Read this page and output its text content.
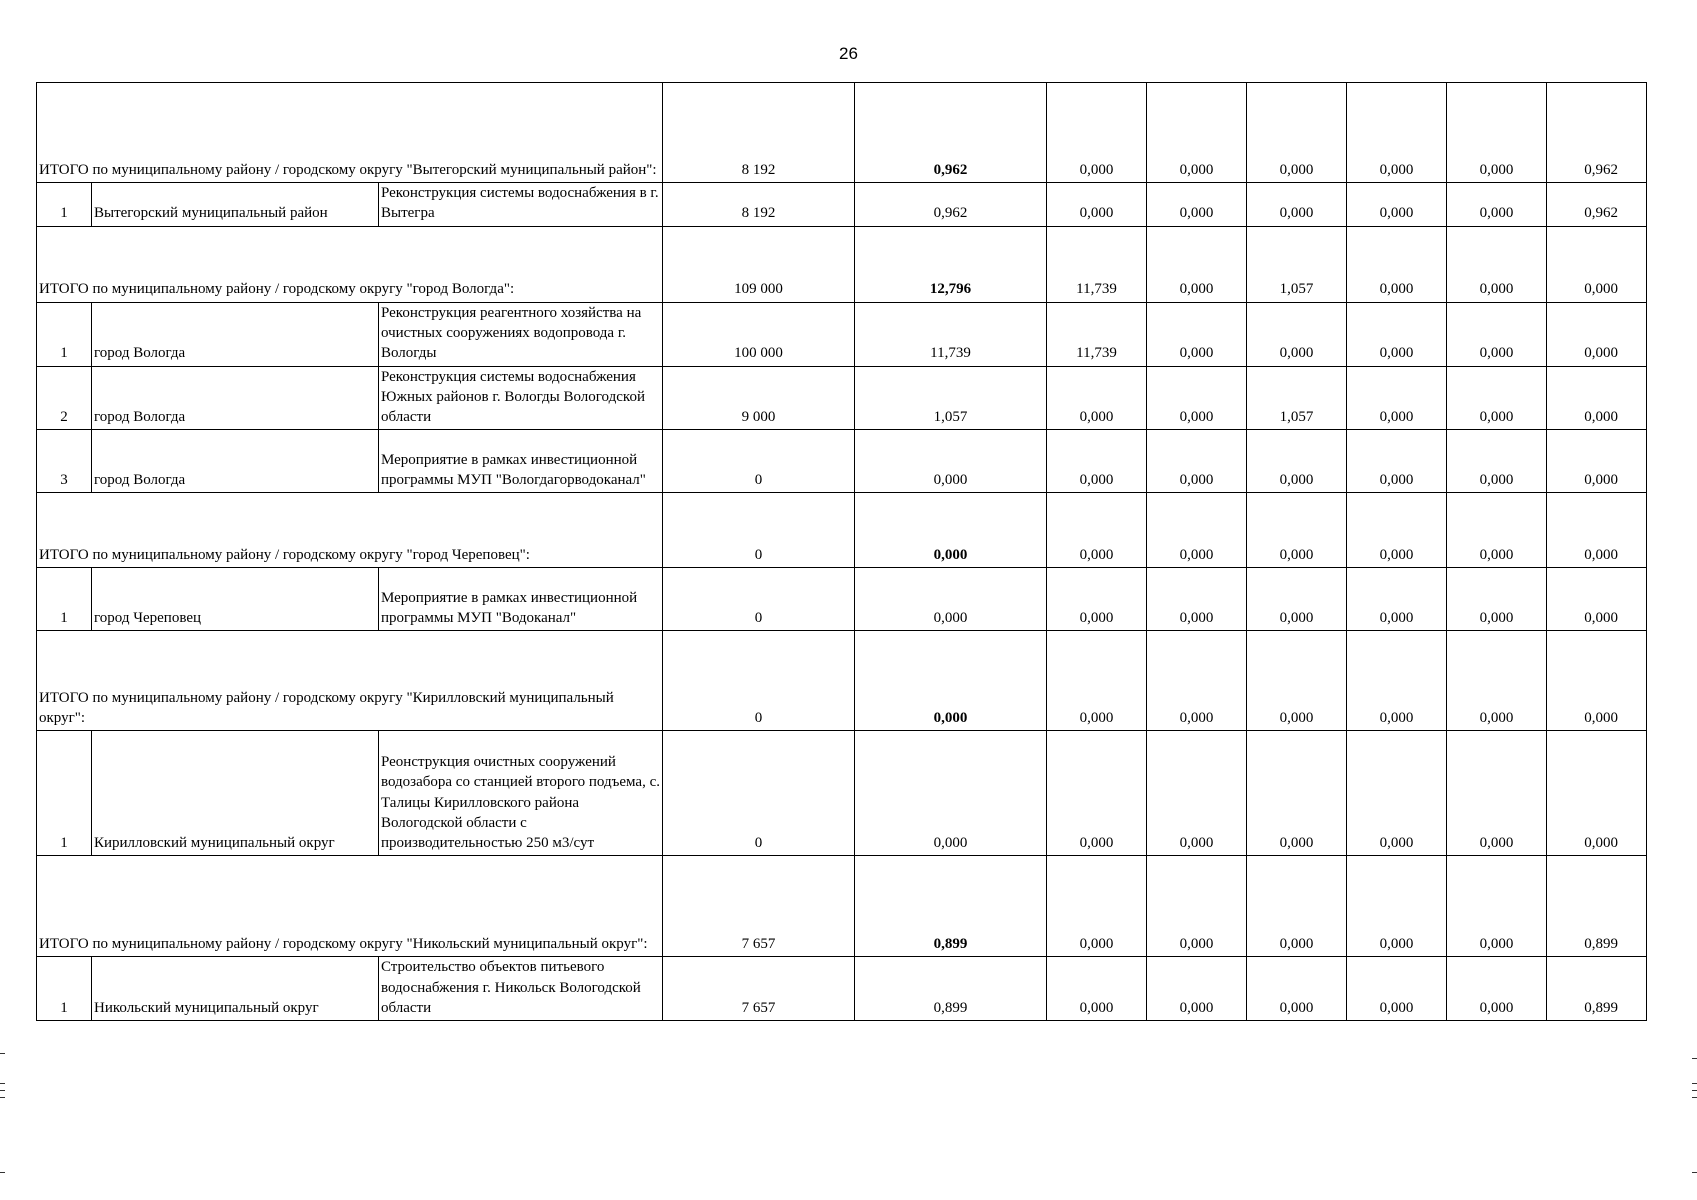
26
ИТОГО по муниципальному району / городскому округу "Вытегорский муниципальный район":			8 192	0,962	0,000	0,000	0,000	0,000	0,000	0,962
1	Вытегорский муниципальный район	Реконструкция системы водоснабжения в г. Вытегра	8 192	0,962	0,000	0,000	0,000	0,000	0,000	0,962
ИТОГО по муниципальному району / городскому округу "город Вологда":			109 000	12,796	11,739	0,000	1,057	0,000	0,000	0,000
1	город Вологда	Реконструкция реагентного хозяйства на очистных сооружениях водопровода г. Вологды	100 000	11,739	11,739	0,000	0,000	0,000	0,000	0,000
2	город Вологда	Реконструкция системы водоснабжения Южных районов г. Вологды Вологодской области	9 000	1,057	0,000	0,000	1,057	0,000	0,000	0,000
3	город Вологда	Мероприятие в рамках инвестиционной программы МУП "Вологдагорводоканал"	0	0,000	0,000	0,000	0,000	0,000	0,000	0,000
ИТОГО по муниципальному району / городскому округу "город Череповец":			0	0,000	0,000	0,000	0,000	0,000	0,000	0,000
1	город Череповец	Мероприятие в рамках инвестиционной программы МУП "Водоканал"	0	0,000	0,000	0,000	0,000	0,000	0,000	0,000
ИТОГО по муниципальному району / городскому округу "Кирилловский муниципальный округ":			0	0,000	0,000	0,000	0,000	0,000	0,000	0,000
1	Кирилловский муниципальный округ	Реонструкция очистных сооружений водозабора со станцией второго подъема, с. Талицы Кирилловского района Вологодской области с производительностью 250 м3/сут	0	0,000	0,000	0,000	0,000	0,000	0,000	0,000
ИТОГО по муниципальному району / городскому округу "Никольский муниципальный округ":			7 657	0,899	0,000	0,000	0,000	0,000	0,000	0,899
1	Никольский муниципальный округ	Строительство объектов питьевого водоснабжения г. Никольск Вологодской области	7 657	0,899	0,000	0,000	0,000	0,000	0,000	0,899
